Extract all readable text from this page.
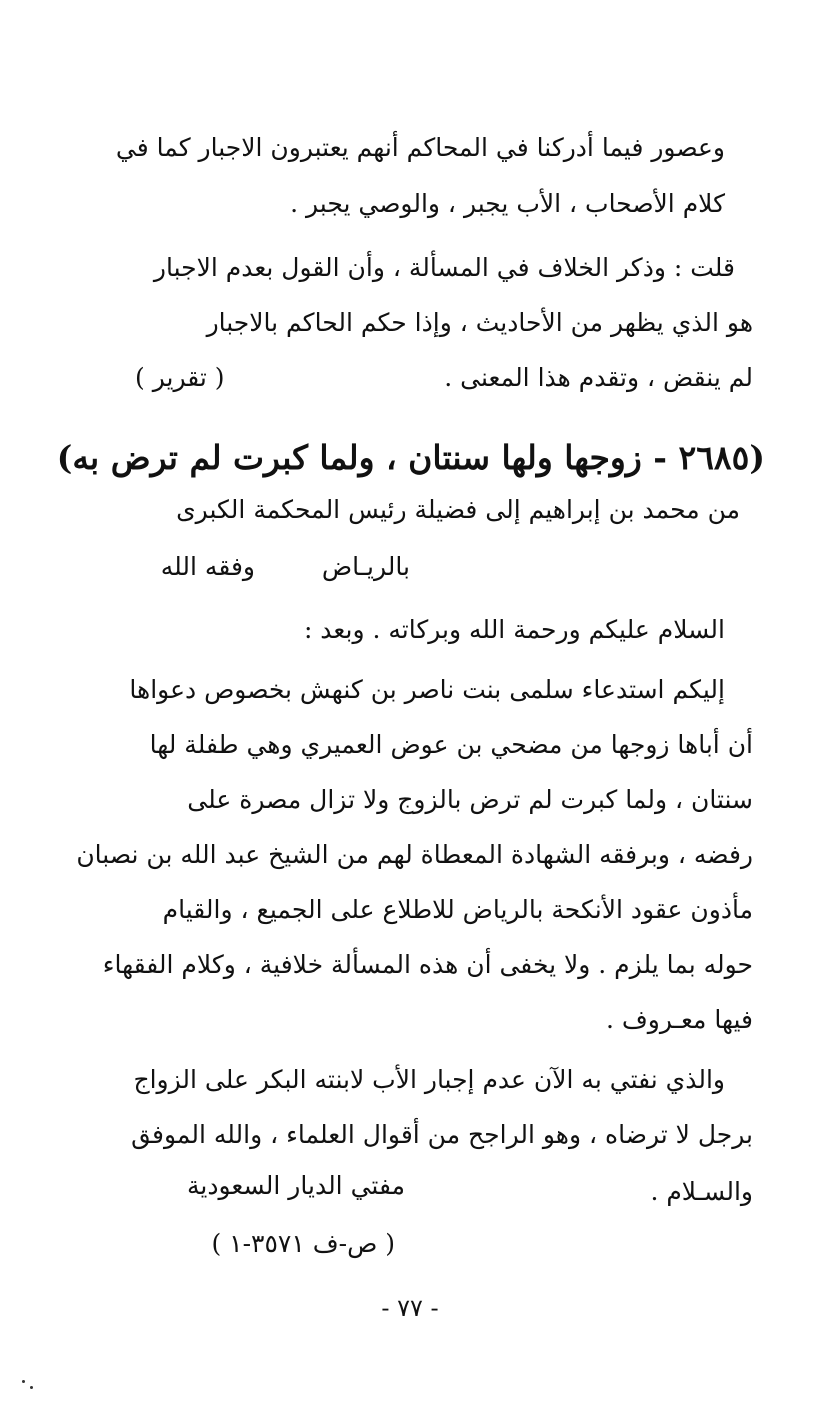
وعصور فيما أدركنا في المحاكم أنهم يعتبرون الاجبار كما في
كلام الأصحاب ، الأب يجبر ، والوصي يجبر .
قلت : وذكر الخلاف في المسألة ، وأن القول بعدم الاجبار
هو الذي يظهر من الأحاديث ، وإذا حكم الحاكم بالاجبار
لم ينقض ، وتقدم هذا المعنى .
( تقرير )
(٢٦٨٥ - زوجها ولها سنتان ، ولما كبرت لم ترض به)
من محمد بن إبراهيم إلى فضيلة رئيس المحكمة الكبرى
بالريـاض
وفقه الله
السلام عليكم ورحمة الله وبركاته . وبعد :
إليكم استدعاء سلمى بنت ناصر بن كنهش بخصوص دعواها
أن أباها زوجها من مضحي بن عوض العميري وهي طفلة لها
سنتان ، ولما كبرت لم ترض بالزوج ولا تزال مصرة على
رفضه ، وبرفقه الشهادة المعطاة لهم من الشيخ عبد الله بن نصبان
مأذون عقود الأنكحة بالرياض للاطلاع على الجميع ، والقيام
حوله بما يلزم . ولا يخفى أن هذه المسألة خلافية ، وكلام الفقهاء
فيها معـروف .
والذي نفتي به الآن عدم إجبار الأب لابنته البكر على الزواج
برجل لا ترضاه ، وهو الراجح من أقوال العلماء ، والله الموفق
والسـلام .
مفتي الديار السعودية
( ص-ف ٣٥٧١-١ )
- ٧٧ -
